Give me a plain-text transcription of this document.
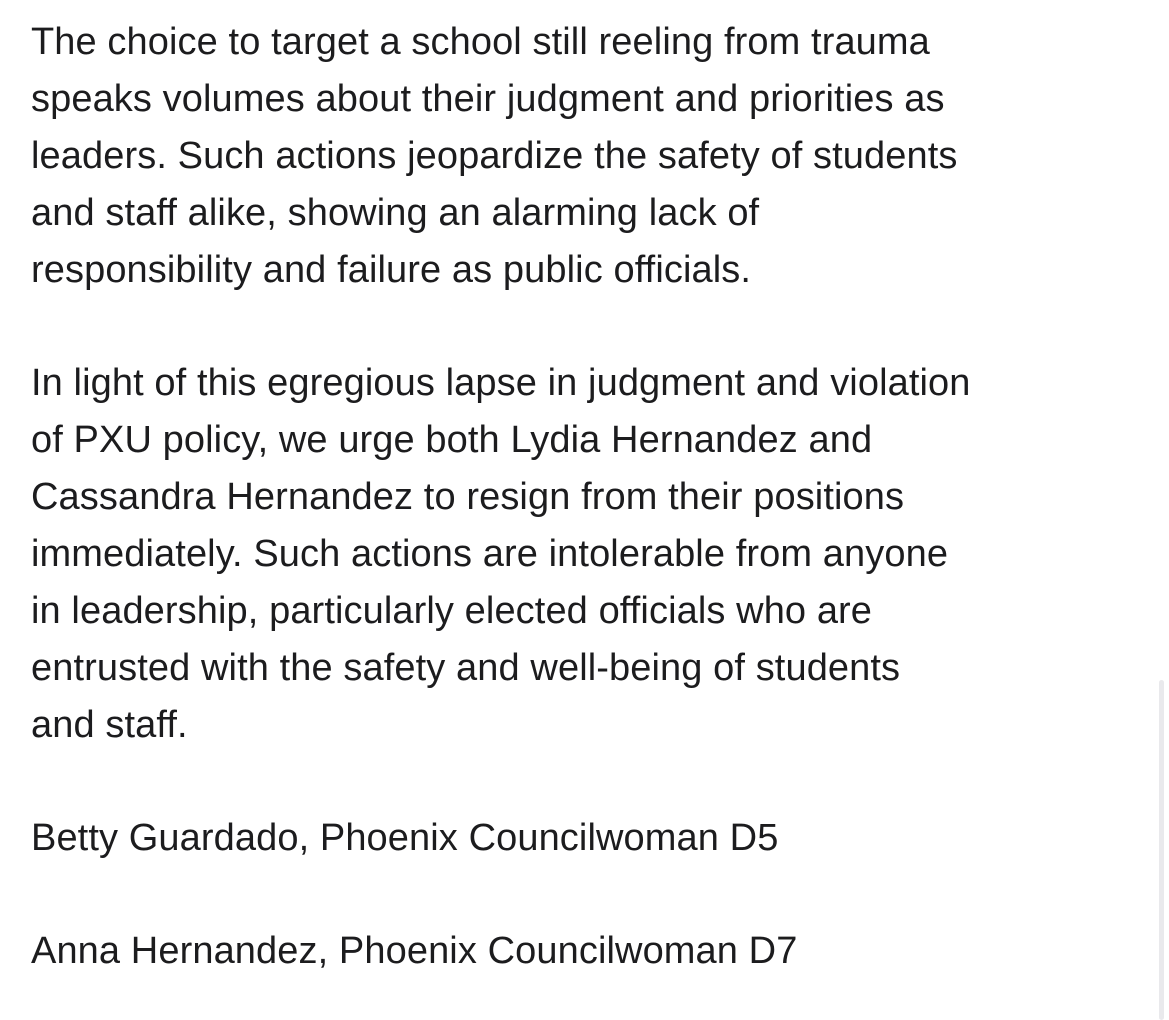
The choice to target a school still reeling from trauma
speaks volumes about their judgment and priorities as
leaders. Such actions jeopardize the safety of students
and staff alike, showing an alarming lack of
responsibility and failure as public officials.

In light of this egregious lapse in judgment and violation
of PXU policy, we urge both Lydia Hernandez and
Cassandra Hernandez to resign from their positions
immediately. Such actions are intolerable from anyone
in leadership, particularly elected officials who are
entrusted with the safety and well-being of students
and staff.

Betty Guardado, Phoenix Councilwoman D5

Anna Hernandez, Phoenix Councilwoman D7
